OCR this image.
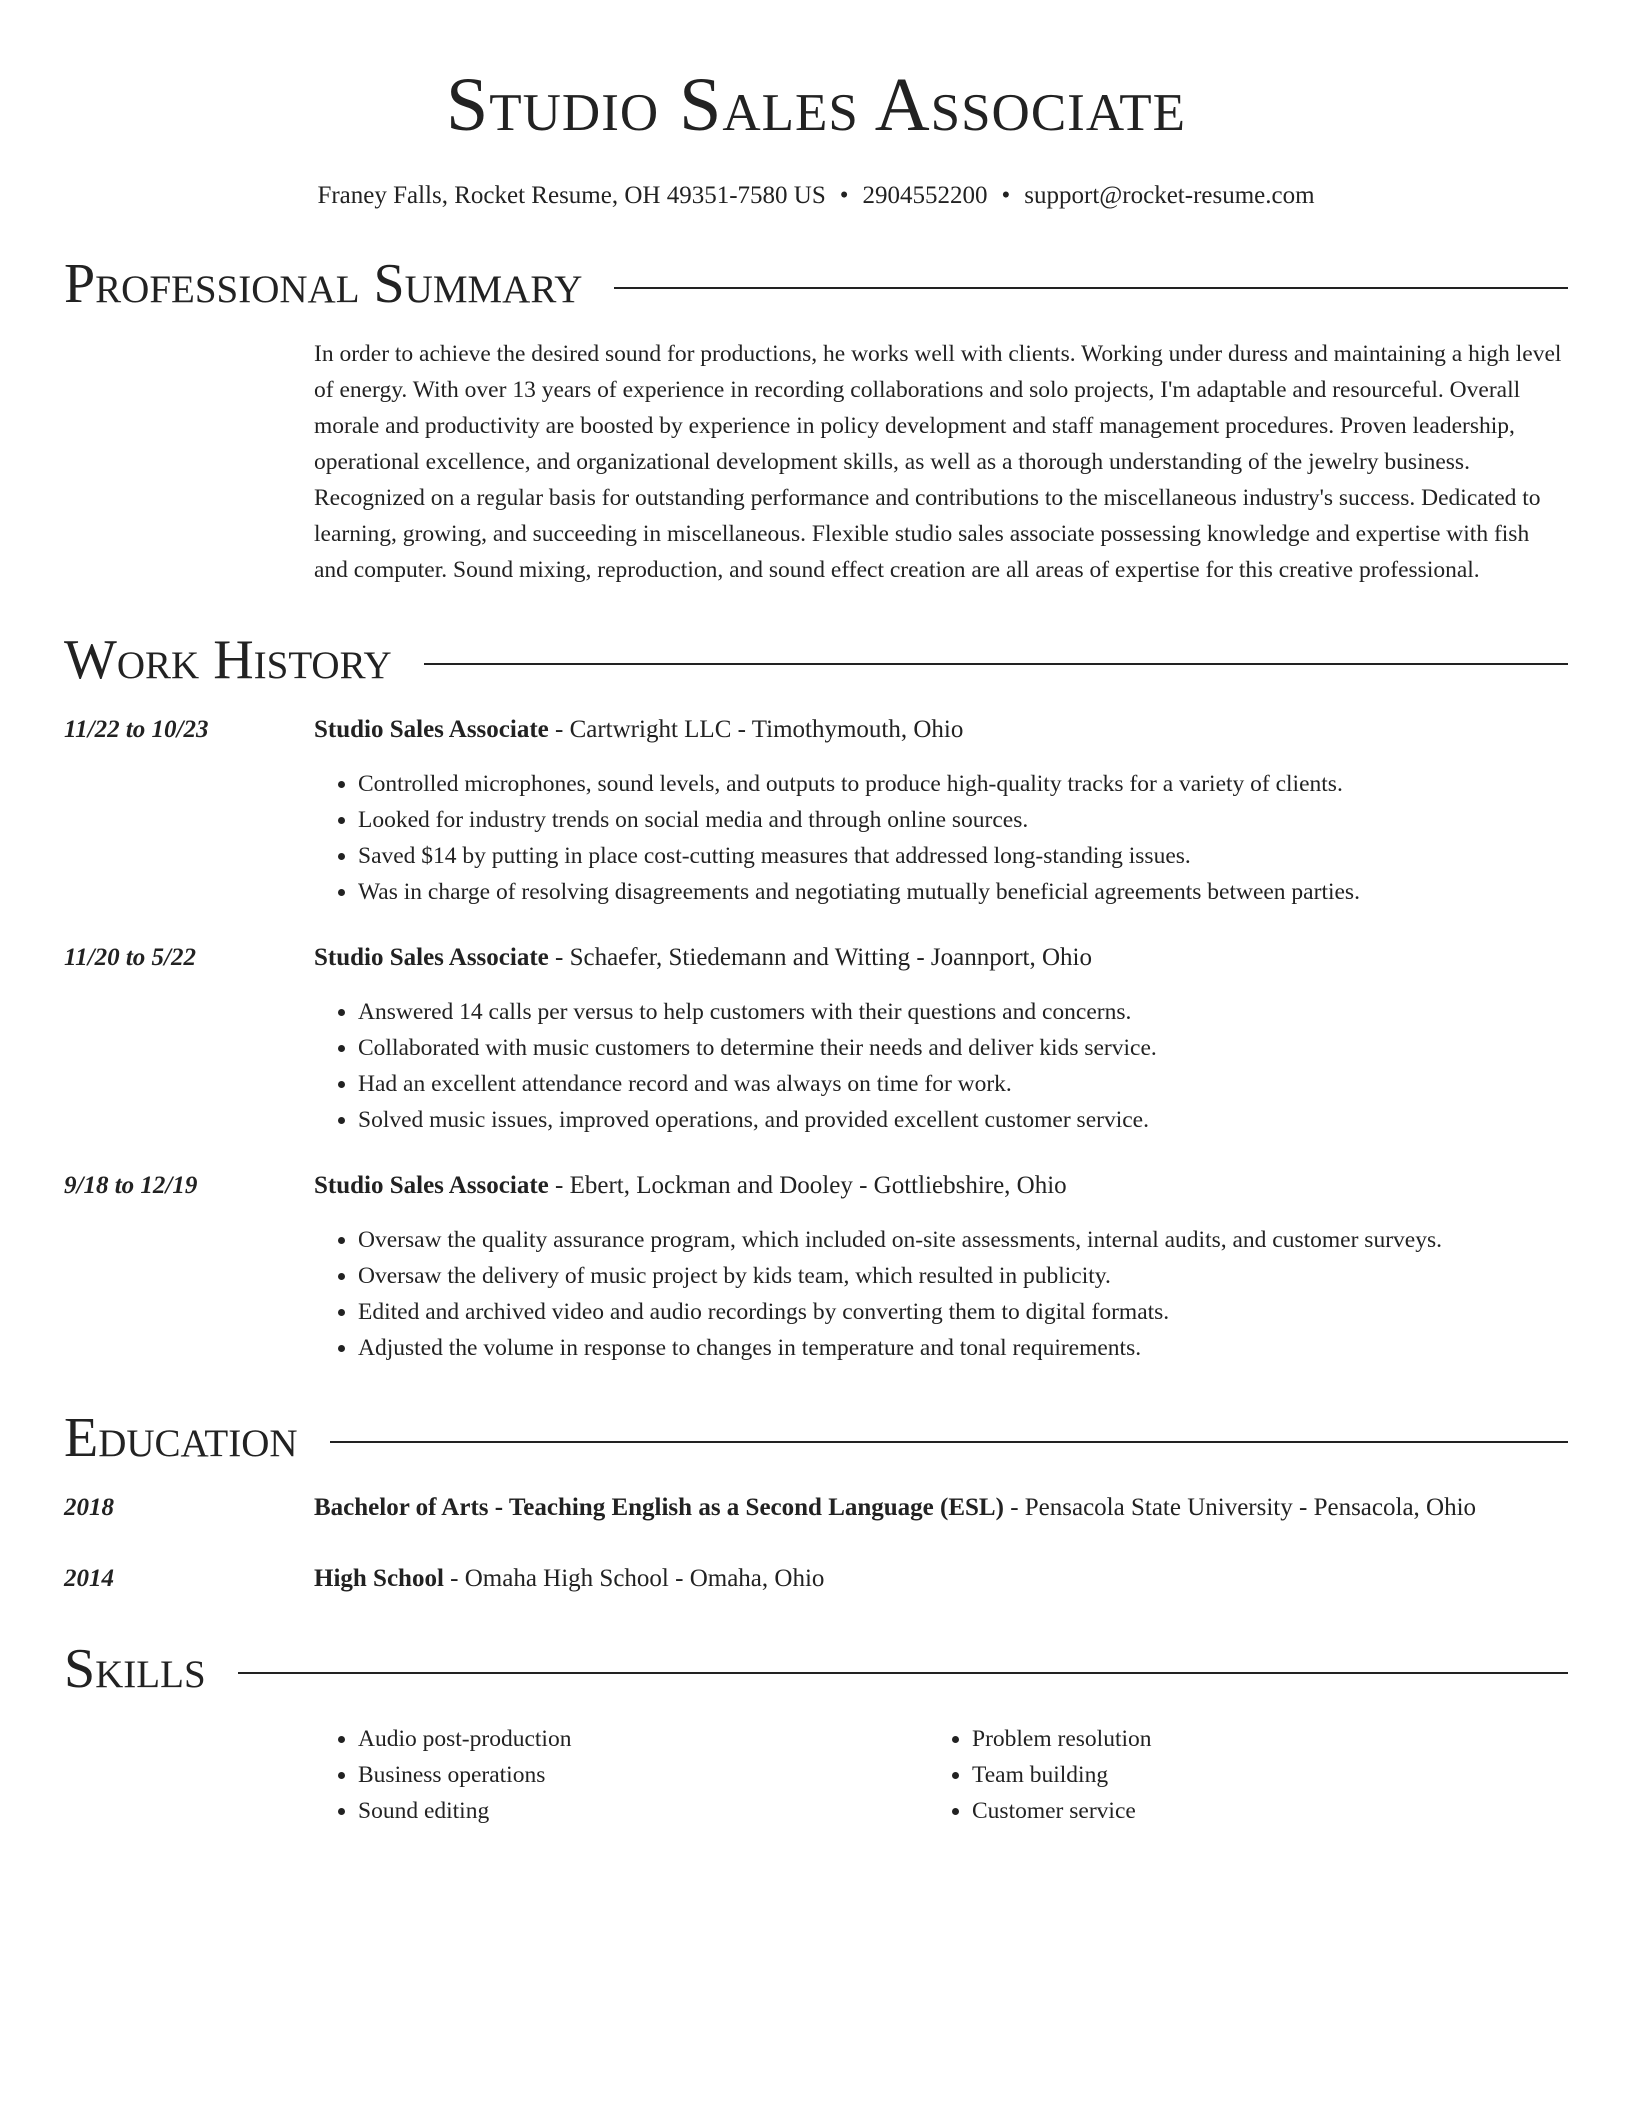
Studio Sales Associate
Franey Falls, Rocket Resume, OH 49351-7580 US • 2904552200 • support@rocket-resume.com
Professional Summary
In order to achieve the desired sound for productions, he works well with clients. Working under duress and maintaining a high level of energy. With over 13 years of experience in recording collaborations and solo projects, I'm adaptable and resourceful. Overall morale and productivity are boosted by experience in policy development and staff management procedures. Proven leadership, operational excellence, and organizational development skills, as well as a thorough understanding of the jewelry business. Recognized on a regular basis for outstanding performance and contributions to the miscellaneous industry's success. Dedicated to learning, growing, and succeeding in miscellaneous. Flexible studio sales associate possessing knowledge and expertise with fish and computer. Sound mixing, reproduction, and sound effect creation are all areas of expertise for this creative professional.
Work History
11/22 to 10/23	Studio Sales Associate - Cartwright LLC - Timothymouth, Ohio
• Controlled microphones, sound levels, and outputs to produce high-quality tracks for a variety of clients.
• Looked for industry trends on social media and through online sources.
• Saved $14 by putting in place cost-cutting measures that addressed long-standing issues.
• Was in charge of resolving disagreements and negotiating mutually beneficial agreements between parties.
11/20 to 5/22	Studio Sales Associate - Schaefer, Stiedemann and Witting - Joannport, Ohio
• Answered 14 calls per versus to help customers with their questions and concerns.
• Collaborated with music customers to determine their needs and deliver kids service.
• Had an excellent attendance record and was always on time for work.
• Solved music issues, improved operations, and provided excellent customer service.
9/18 to 12/19	Studio Sales Associate - Ebert, Lockman and Dooley - Gottliebshire, Ohio
• Oversaw the quality assurance program, which included on-site assessments, internal audits, and customer surveys.
• Oversaw the delivery of music project by kids team, which resulted in publicity.
• Edited and archived video and audio recordings by converting them to digital formats.
• Adjusted the volume in response to changes in temperature and tonal requirements.
Education
2018	Bachelor of Arts - Teaching English as a Second Language (ESL) - Pensacola State University - Pensacola, Ohio
2014	High School - Omaha High School - Omaha, Ohio
Skills
• Audio post-production
• Business operations
• Sound editing
• Problem resolution
• Team building
• Customer service
